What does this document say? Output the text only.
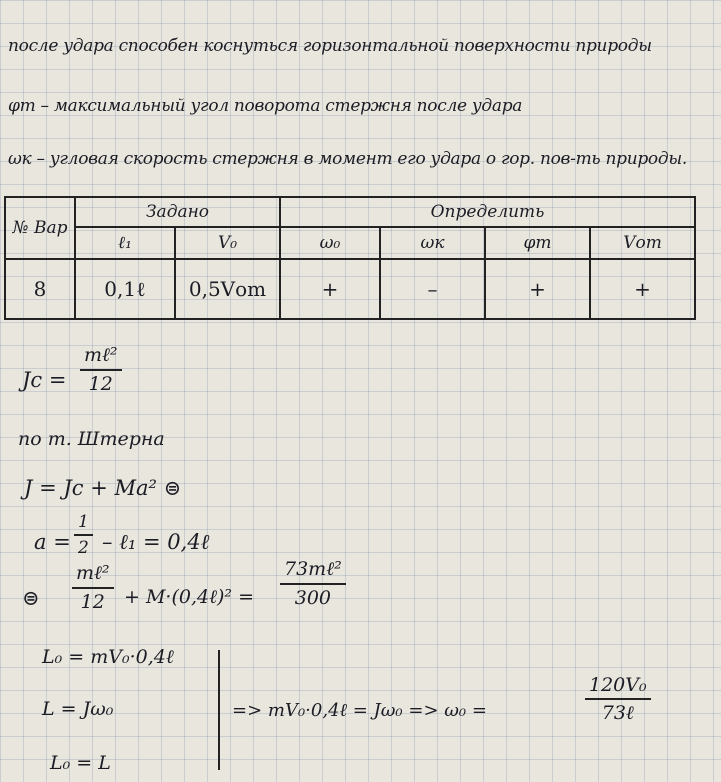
после удара способен коснуться горизонтальной поверхности природы
φm – максимальный угол поворота стержня после удара
ωк – угловая скорость стержня в момент его удара о гор. пов-ть природы.
№ Вар	Задано		Определить			
	ℓ₁	V₀	ω₀	ωк	φm	Vоm
8	0,1ℓ	0,5Vоm	+	–	+	+
Jc =
mℓ²
12
по т. Штерна
J = Jc + Ma² ⊜
$a = \frac{1}{2}$ – ℓ₁ = 0,4ℓ
⊜
mℓ²
12	+ M·(0,4ℓ)² =
73mℓ²
300
L₀ = mV₀·0,4ℓ
L = Jω₀
L₀ = L
=> mV₀·0,4ℓ = Jω₀ => ω₀ =
120V₀
73ℓ
